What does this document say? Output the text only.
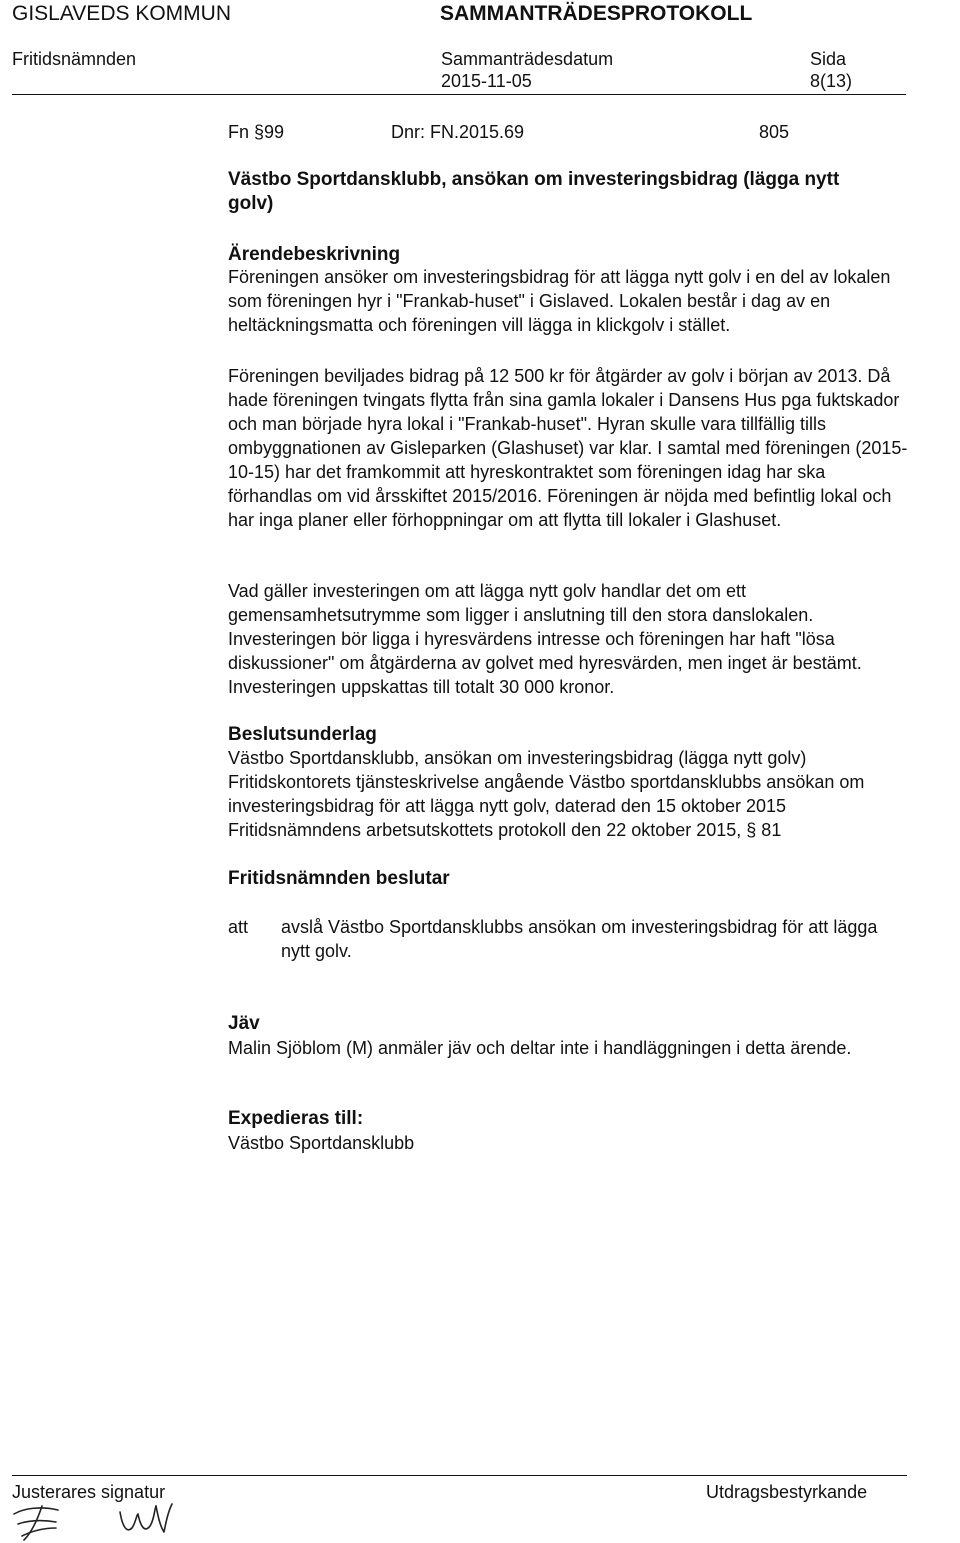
GISLAVEDS KOMMUN	SAMMANTRÄDESPROTOKOLL
Fritidsnämnden	Sammanträdesdatum	Sida
2015-11-05	8(13)
Fn §99	Dnr: FN.2015.69	805
Västbo Sportdansklubb, ansökan om investeringsbidrag (lägga nytt golv)
Ärendebeskrivning

Föreningen ansöker om investeringsbidrag för att lägga nytt golv i en del av lokalen som föreningen hyr i "Frankab-huset" i Gislaved. Lokalen består i dag av en heltäckningsmatta och föreningen vill lägga in klickgolv i stället.

Föreningen beviljades bidrag på 12 500 kr för åtgärder av golv i början av 2013. Då hade föreningen tvingats flytta från sina gamla lokaler i Dansens Hus pga fuktskador och man började hyra lokal i "Frankab-huset". Hyran skulle vara tillfällig tills ombyggnationen av Gisleparken (Glashuset) var klar. I samtal med föreningen (2015-10-15) har det framkommit att hyreskontraktet som föreningen idag har ska förhandlas om vid årsskiftet 2015/2016. Föreningen är nöjda med befintlig lokal och har inga planer eller förhoppningar om att flytta till lokaler i Glashuset.

Vad gäller investeringen om att lägga nytt golv handlar det om ett gemensamhetsutrymme som ligger i anslutning till den stora danslokalen. Investeringen bör ligga i hyresvärdens intresse och föreningen har haft "lösa diskussioner" om åtgärderna av golvet med hyresvärden, men inget är bestämt. Investeringen uppskattas till totalt 30 000 kronor.

Beslutsunderlag

Västbo Sportdansklubb, ansökan om investeringsbidrag (lägga nytt golv)

Fritidskontorets tjänsteskrivelse angående Västbo sportdansklubbs ansökan om investeringsbidrag för att lägga nytt golv, daterad den 15 oktober 2015

Fritidsnämndens arbetsutskottets protokoll den 22 oktober 2015, § 81

Fritidsnämnden beslutar
att avslå Västbo Sportdansklubbs ansökan om investeringsbidrag för att lägga nytt golv.
Jäv
Malin Sjöblom (M) anmäler jäv och deltar inte i handläggningen i detta ärende.
Expedieras till:
Västbo Sportdansklubb
Justerares signatur	Utdragsbestyrkande
